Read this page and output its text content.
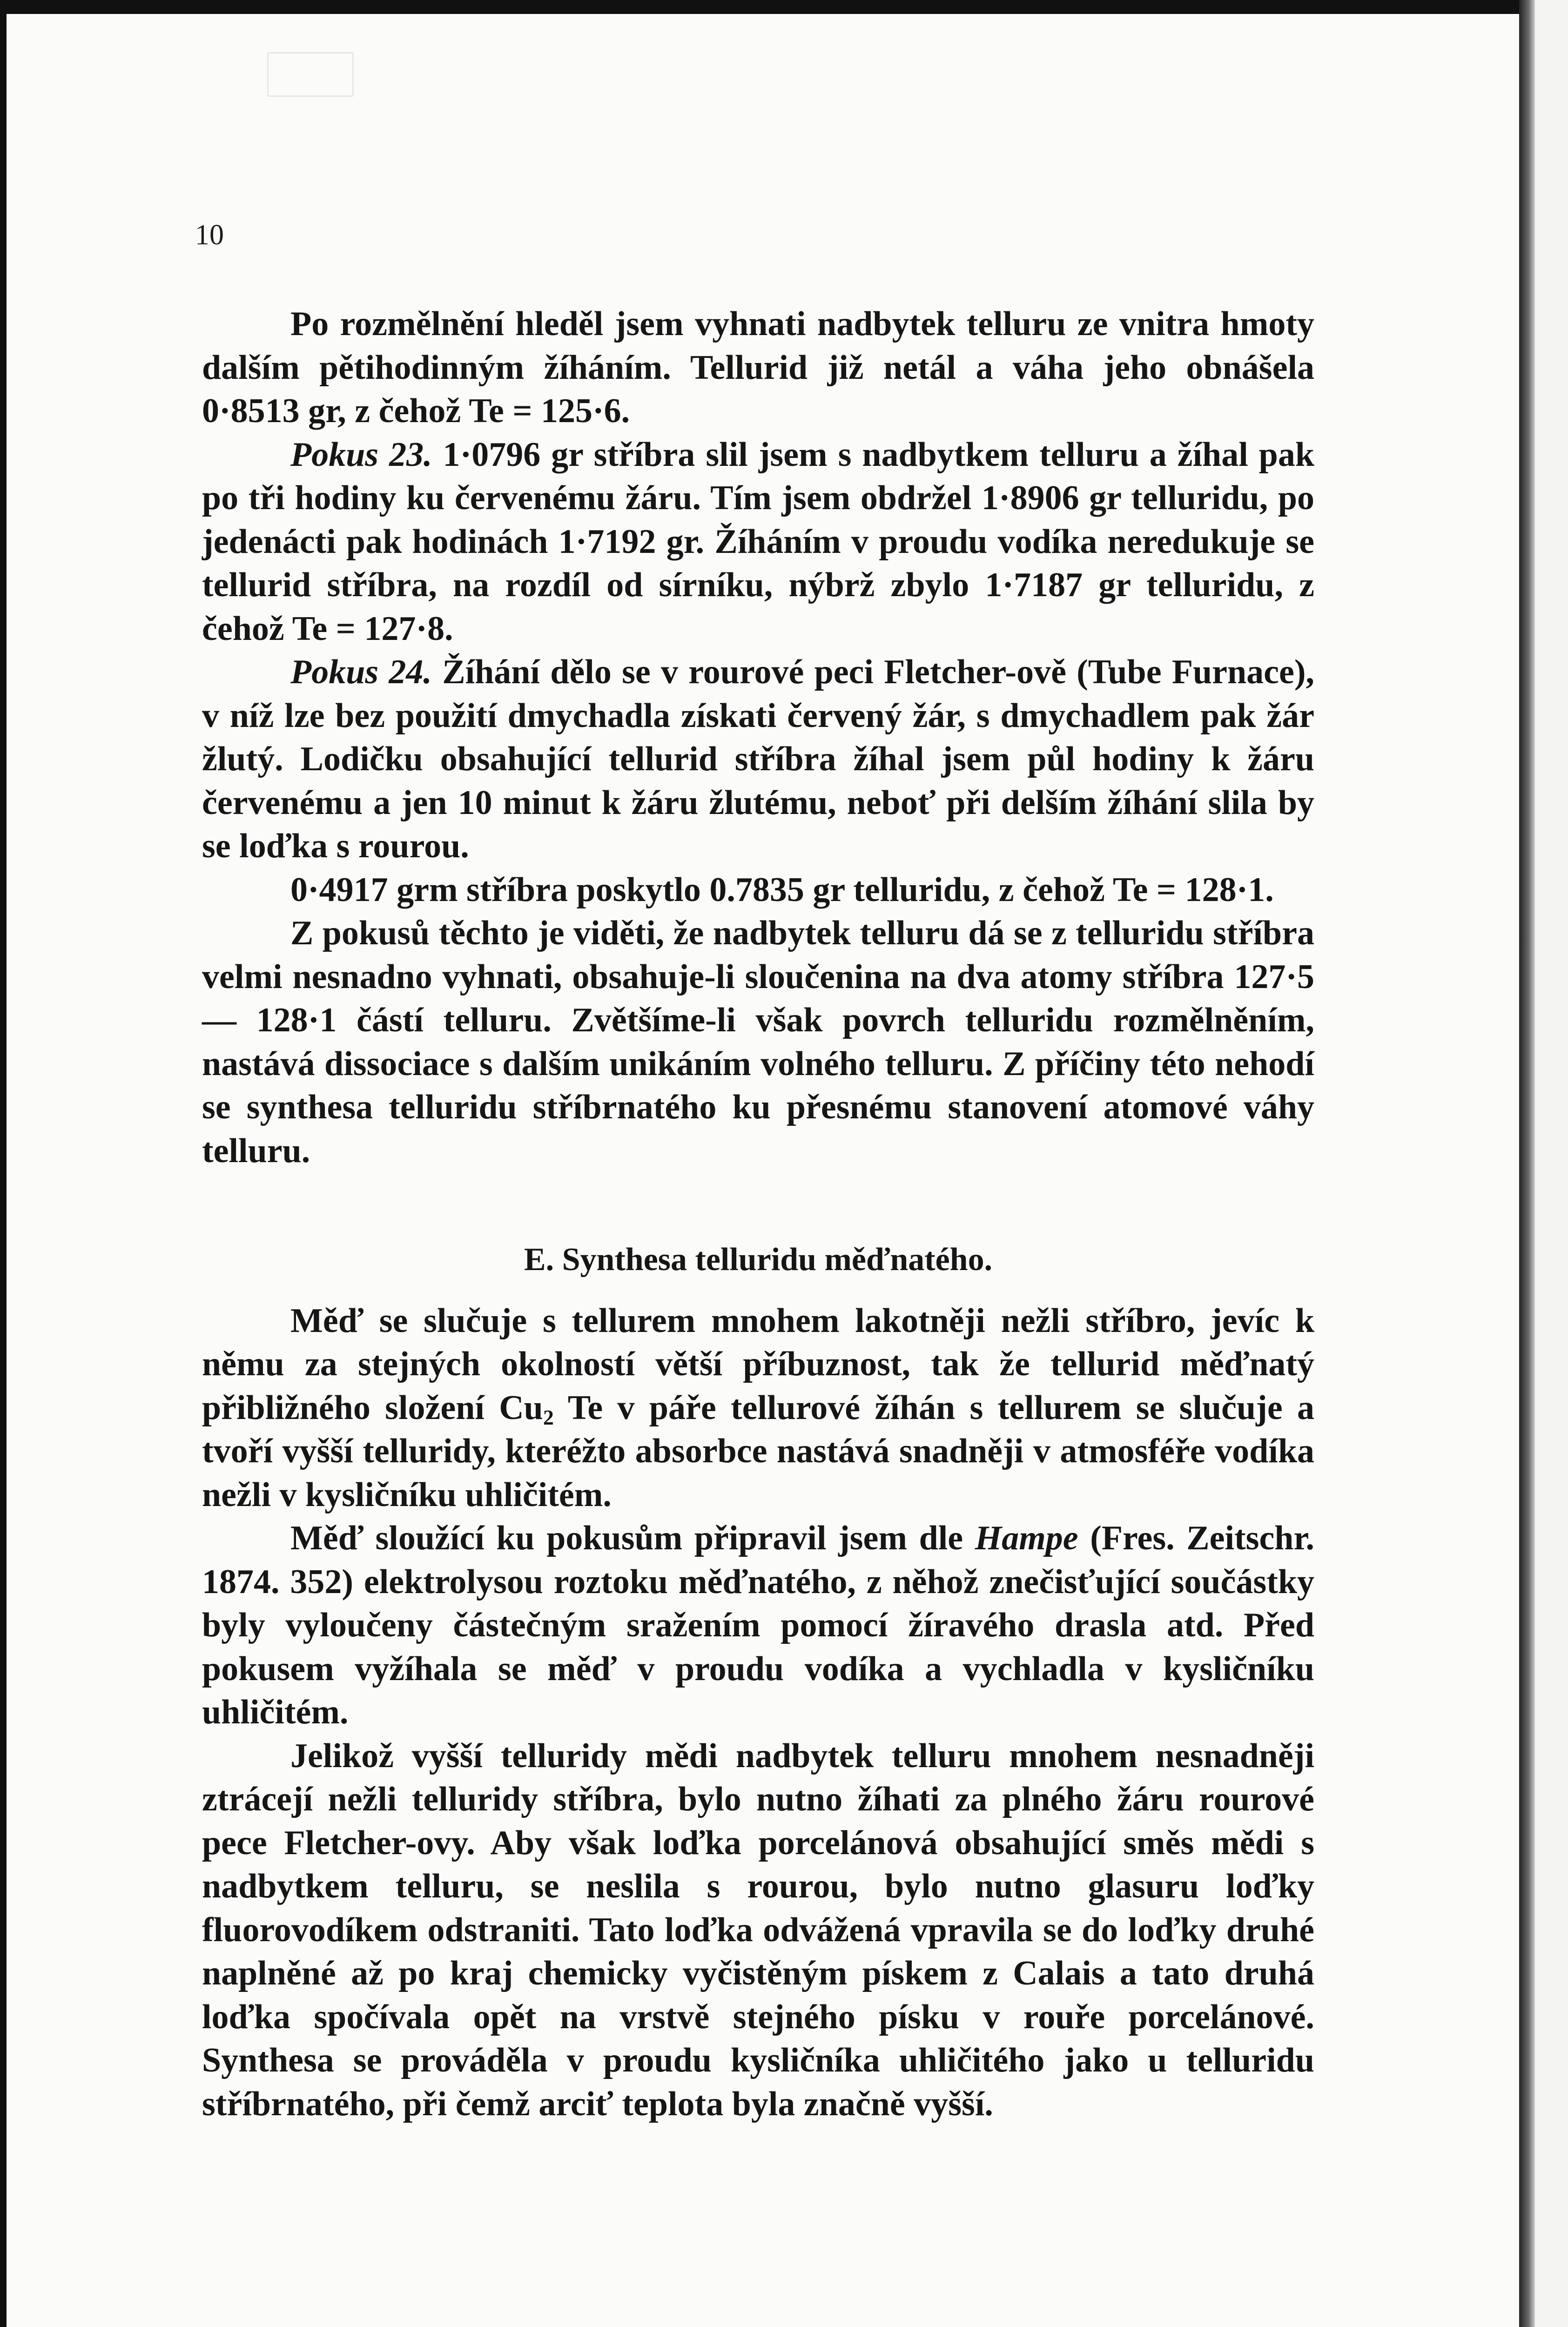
10

Po rozmělnění hleděl jsem vyhnati nadbytek telluru ze vnitra hmoty dalším pětihodinným žíháním. Tellurid již netál a váha jeho obnášela 0·8513 gr, z čehož Te = 125·6.

Pokus 23. 1·0796 gr stříbra slil jsem s nadbytkem telluru a žíhal pak po tři hodiny ku červenému žáru. Tím jsem obdržel 1·8906 gr telluridu, po jedenácti pak hodinách 1·7192 gr. Žíháním v proudu vodíka neredukuje se tellurid stříbra, na rozdíl od sírníku, nýbrž zbylo 1·7187 gr telluridu, z čehož Te = 127·8.

Pokus 24. Žíhání dělo se v rourové peci Fletcher-ově (Tube Furnace), v níž lze bez použití dmychadla získati červený žár, s dmychadlem pak žár žlutý. Lodičku obsahující tellurid stříbra žíhal jsem půl hodiny k žáru červenému a jen 10 minut k žáru žlutému, neboť při delším žíhání slila by se loďka s rourou.

0·4917 grm stříbra poskytlo 0.7835 gr telluridu, z čehož Te = 128·1.

Z pokusů těchto je viděti, že nadbytek telluru dá se z telluridu stříbra velmi nesnadno vyhnati, obsahuje-li sloučenina na dva atomy stříbra 127·5 — 128·1 částí telluru. Zvětšíme-li však povrch telluridu rozmělněním, nastává dissociace s dalším unikáním volného telluru. Z příčiny této nehodí se synthesa telluridu stříbrnatého ku přesnému stanovení atomové váhy telluru.

E. Synthesa telluridu měďnatého.

Měď se slučuje s tellurem mnohem lakotněji nežli stříbro, jevíc k němu za stejných okolností větší příbuznost, tak že tellurid měďnatý přibližného složení $Cu_2$ Te v páře tellurové žíhán s tellurem se slučuje a tvoří vyšší telluridy, kteréžto absorbce nastává snadněji v atmosféře vodíka nežli v kysličníku uhličitém.

Měď sloužící ku pokusům připravil jsem dle Hampe (Fres. Zeitschr. 1874. 352) elektrolysou roztoku měďnatého, z něhož znečisťující součástky byly vyloučeny částečným sražením pomocí žíravého drasla atd. Před pokusem vyžíhala se měď v proudu vodíka a vychladla v kysličníku uhličitém.

Jelikož vyšší telluridy mědi nadbytek telluru mnohem nesnadněji ztrácejí nežli telluridy stříbra, bylo nutno žíhati za plného žáru rourové pece Fletcher-ovy. Aby však loďka porcelánová obsahující směs mědi s nadbytkem telluru, se neslila s rourou, bylo nutno glasuru loďky fluorovodíkem odstraniti. Tato loďka odvážená vpravila se do loďky druhé naplněné až po kraj chemicky vyčistěným pískem z Calais a tato druhá loďka spočívala opět na vrstvě stejného písku v rouře porcelánové. Synthesa se prováděla v proudu kysličníka uhličitého jako u telluridu stříbrnatého, při čemž arciť teplota byla značně vyšší.
